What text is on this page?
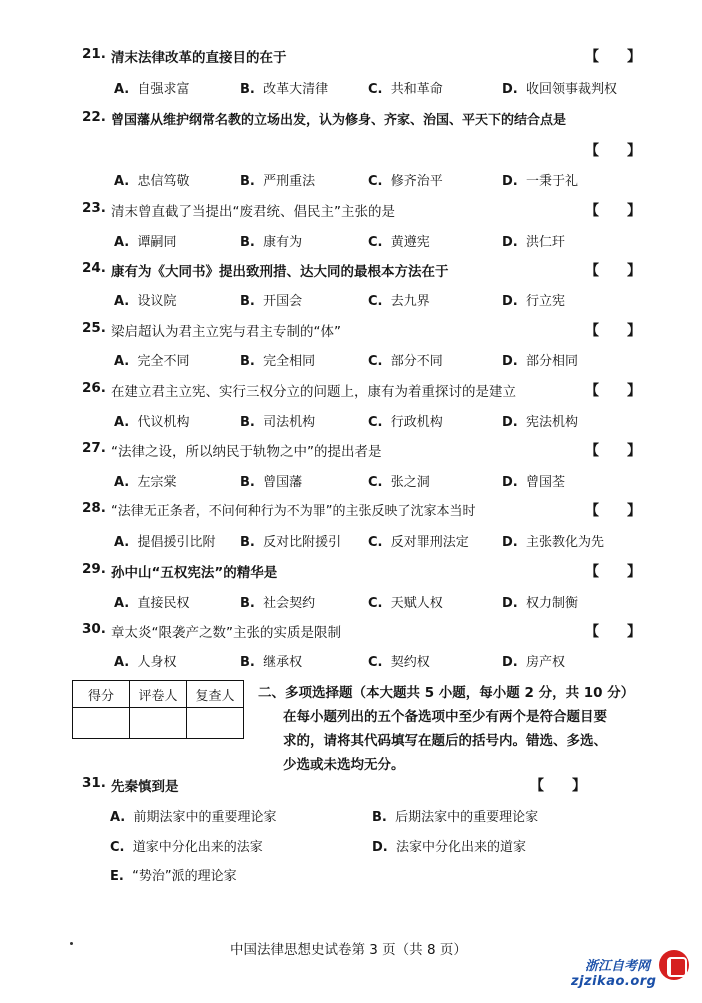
21. 清末法律改革的直接目的在于	【　　】
A. 自强求富	B. 改革大清律	C. 共和革命	D. 收回领事裁判权
22. 曾国藩从维护纲常名教的立场出发，认为修身、齐家、治国、平天下的结合点是
【　　】
A. 忠信笃敬	B. 严刑重法	C. 修齐治平	D. 一秉于礼
23. 清末曾直截了当提出“废君统、倡民主”主张的是	【　　】
A. 谭嗣同	B. 康有为	C. 黄遵宪	D. 洪仁玕
24. 康有为《大同书》提出致刑措、达大同的最根本方法在于	【　　】
A. 设议院	B. 开国会	C. 去九界	D. 行立宪
25. 梁启超认为君主立宪与君主专制的“体”	【　　】
A. 完全不同	B. 完全相同	C. 部分不同	D. 部分相同
26. 在建立君主立宪、实行三权分立的问题上，康有为着重探讨的是建立	【　　】
A. 代议机构	B. 司法机构	C. 行政机构	D. 宪法机构
27. “法律之设，所以纳民于轨物之中”的提出者是	【　　】
A. 左宗棠	B. 曾国藩	C. 张之洞	D. 曾国荃
28. “法律无正条者，不问何种行为不为罪”的主张反映了沈家本当时	【　　】
A. 提倡援引比附 B. 反对比附援引 C. 反对罪刑法定	D. 主张教化为先
29. 孙中山“五权宪法”的精华是	【　　】
A. 直接民权	B. 社会契约	C. 天赋人权	D. 权力制衡
30. 章太炎“限袭产之数”主张的实质是限制	【　　】
A. 人身权	B. 继承权	C. 契约权	D. 房产权
得分	评卷人	复查人
		二、多项选择题（本大题共 5 小题，每小题 2 分，共 10 分）
在每小题列出的五个备选项中至少有两个是符合题目要
求的，请将其代码填写在题后的括号内。错选、多选、
少选或未选均无分。
31. 先秦慎到是	【　　】
A. 前期法家中的重要理论家	B. 后期法家中的重要理论家
C. 道家中分化出来的法家	D. 法家中分化出来的道家
E. “势治”派的理论家
中国法律思想史试卷第 3 页（共 8 页）
浙江自考网
zjzikao.org
